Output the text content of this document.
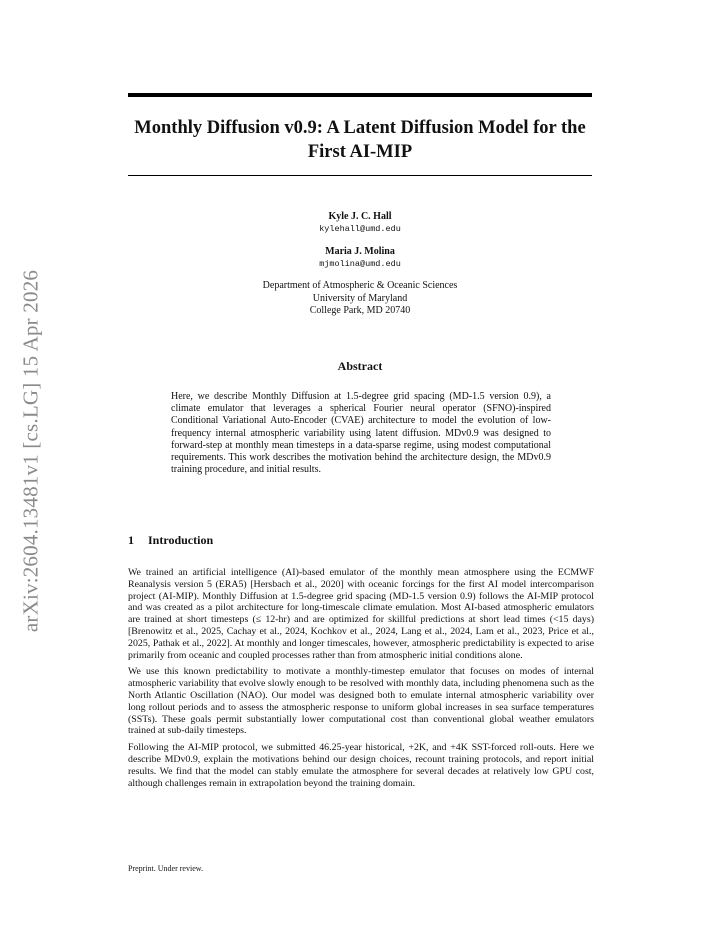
arXiv:2604.13481v1 [cs.LG] 15 Apr 2026
Monthly Diffusion v0.9: A Latent Diffusion Model for the First AI-MIP
Kyle J. C. Hall
kylehall@umd.edu
Maria J. Molina
mjmolina@umd.edu
Department of Atmospheric & Oceanic Sciences
University of Maryland
College Park, MD 20740
Abstract

Here, we describe Monthly Diffusion at 1.5-degree grid spacing (MD-1.5 version 0.9), a climate emulator that leverages a spherical Fourier neural operator (SFNO)-inspired Conditional Variational Auto-Encoder (CVAE) architecture to model the evolution of low-frequency internal atmospheric variability using latent diffusion. MDv0.9 was designed to forward-step at monthly mean timesteps in a data-sparse regime, using modest computational requirements. This work describes the motivation behind the architecture design, the MDv0.9 training procedure, and initial results.

1 Introduction

We trained an artificial intelligence (AI)-based emulator of the monthly mean atmosphere using the ECMWF Reanalysis version 5 (ERA5) [Hersbach et al., 2020] with oceanic forcings for the first AI model intercomparison project (AI-MIP). Monthly Diffusion at 1.5-degree grid spacing (MD-1.5 version 0.9) follows the AI-MIP protocol and was created as a pilot architecture for long-timescale climate emulation. Most AI-based atmospheric emulators are trained at short timesteps (≤ 12-hr) and are optimized for skillful predictions at short lead times (<15 days) [Brenowitz et al., 2025, Cachay et al., 2024, Kochkov et al., 2024, Lang et al., 2024, Lam et al., 2023, Price et al., 2025, Pathak et al., 2022]. At monthly and longer timescales, however, atmospheric predictability is expected to arise primarily from oceanic and coupled processes rather than from atmospheric initial conditions alone.

We use this known predictability to motivate a monthly-timestep emulator that focuses on modes of internal atmospheric variability that evolve slowly enough to be resolved with monthly data, including phenomena such as the North Atlantic Oscillation (NAO). Our model was designed both to emulate internal atmospheric variability over long rollout periods and to assess the atmospheric response to uniform global increases in sea surface temperatures (SSTs). These goals permit substantially lower computational cost than conventional global weather emulators trained at sub-daily timesteps.

Following the AI-MIP protocol, we submitted 46.25-year historical, +2K, and +4K SST-forced roll-outs. Here we describe MDv0.9, explain the motivations behind our design choices, recount training protocols, and report initial results. We find that the model can stably emulate the atmosphere for several decades at relatively low GPU cost, although challenges remain in extrapolation beyond the training domain.

Preprint. Under review.
